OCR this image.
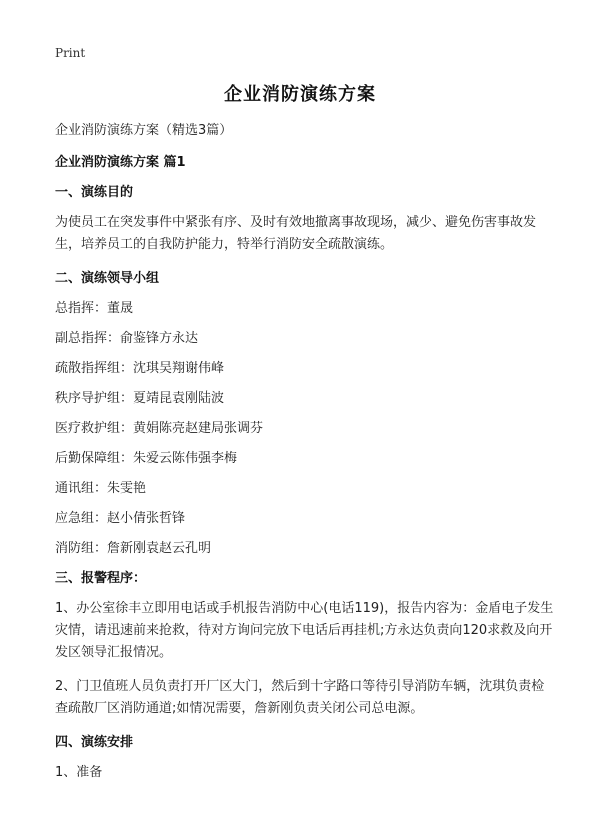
Print
企业消防演练方案

企业消防演练方案（精选3篇）

企业消防演练方案 篇1

一、演练目的

为使员工在突发事件中紧张有序、及时有效地撤离事故现场，减少、避免伤害事故发生，培养员工的自我防护能力，特举行消防安全疏散演练。

二、演练领导小组

总指挥：董晟

副总指挥：俞鉴锋方永达

疏散指挥组：沈琪吴翔谢伟峰

秩序导护组：夏靖昆袁刚陆波

医疗救护组：黄娟陈亮赵建局张调芬

后勤保障组：朱爱云陈伟强李梅

通讯组：朱雯艳

应急组：赵小倩张哲锋

消防组：詹新刚袁赵云孔明

三、报警程序：

1、办公室徐丰立即用电话或手机报告消防中心(电话119)，报告内容为：金盾电子发生灾情，请迅速前来抢救，待对方询问完放下电话后再挂机;方永达负责向120求救及向开发区领导汇报情况。

2、门卫值班人员负责打开厂区大门，然后到十字路口等待引导消防车辆，沈琪负责检查疏散厂区消防通道;如情况需要，詹新刚负责关闭公司总电源。

四、演练安排

1、准备
